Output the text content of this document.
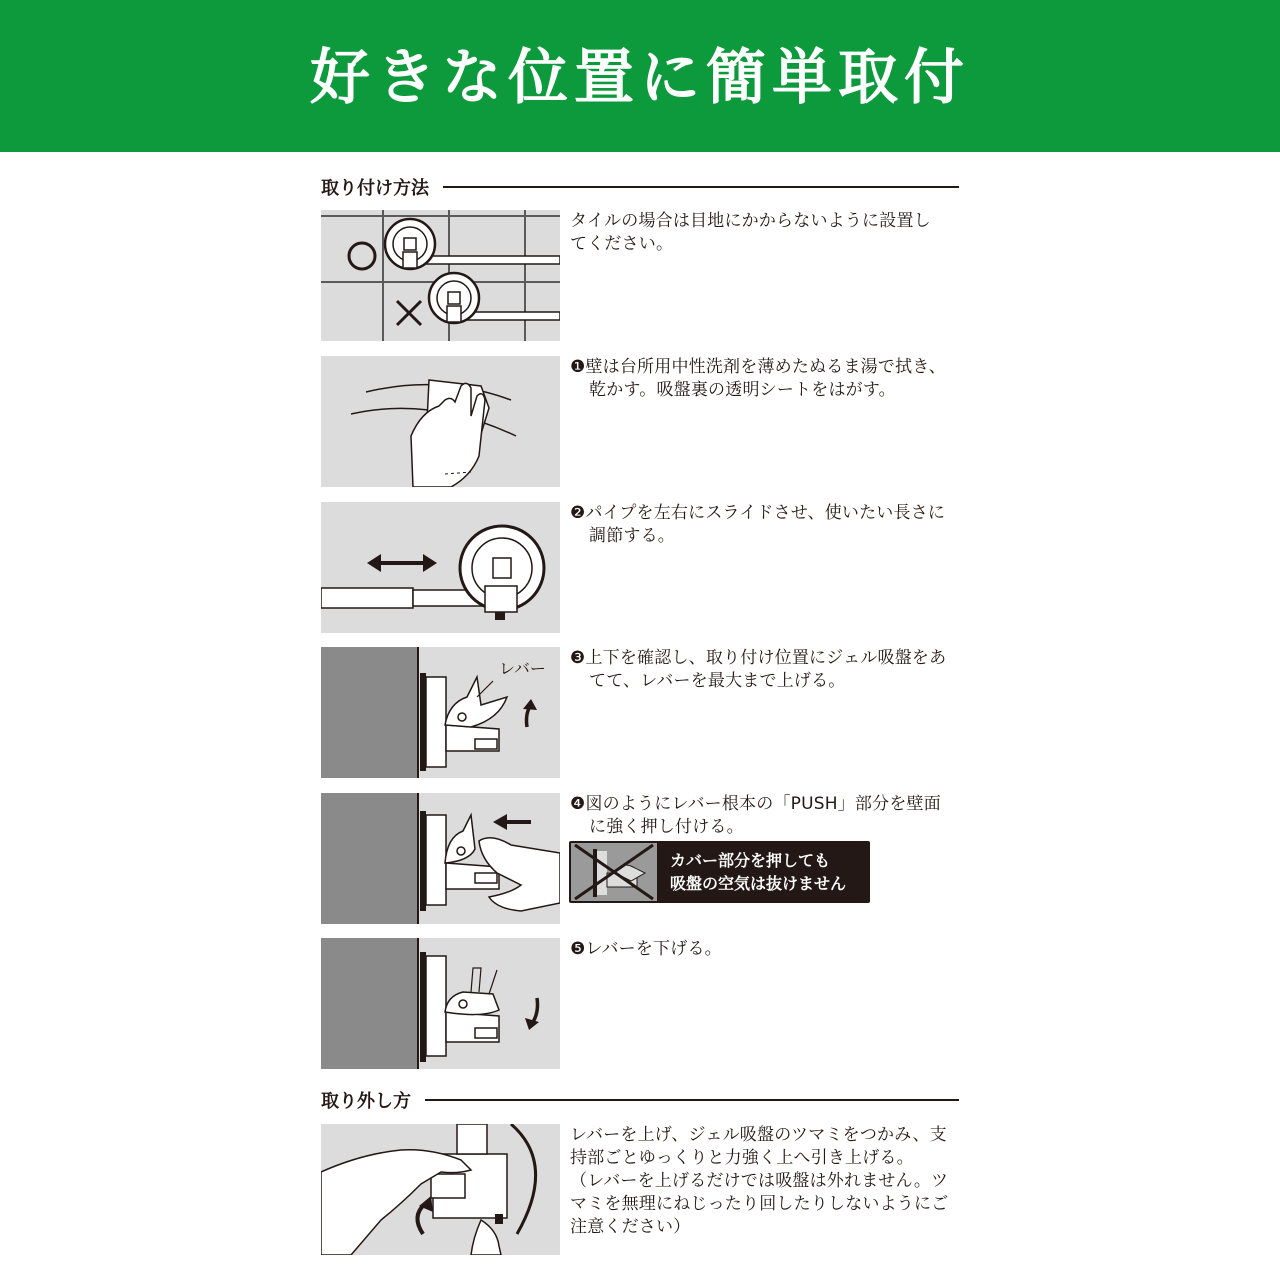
好きな位置に簡単取付
取り付け方法
タイルの場合は目地にかからないように設置し
てください。
❶壁は台所用中性洗剤を薄めたぬるま湯で拭き、
乾かす。吸盤裏の透明シートをはがす。
❷パイプを左右にスライドさせ、使いたい長さに
調節する。
レバー
❸上下を確認し、取り付け位置にジェル吸盤をあ
てて、レバーを最大まで上げる。
❹図のようにレバー根本の「PUSH」部分を壁面
に強く押し付ける。
カバー部分を押しても
吸盤の空気は抜けません
❺レバーを下げる。
取り外し方
レバーを上げ、ジェル吸盤のツマミをつかみ、支
持部ごとゆっくりと力強く上へ引き上げる。
（レバーを上げるだけでは吸盤は外れません。ツ
マミを無理にねじったり回したりしないようにご
注意ください）
